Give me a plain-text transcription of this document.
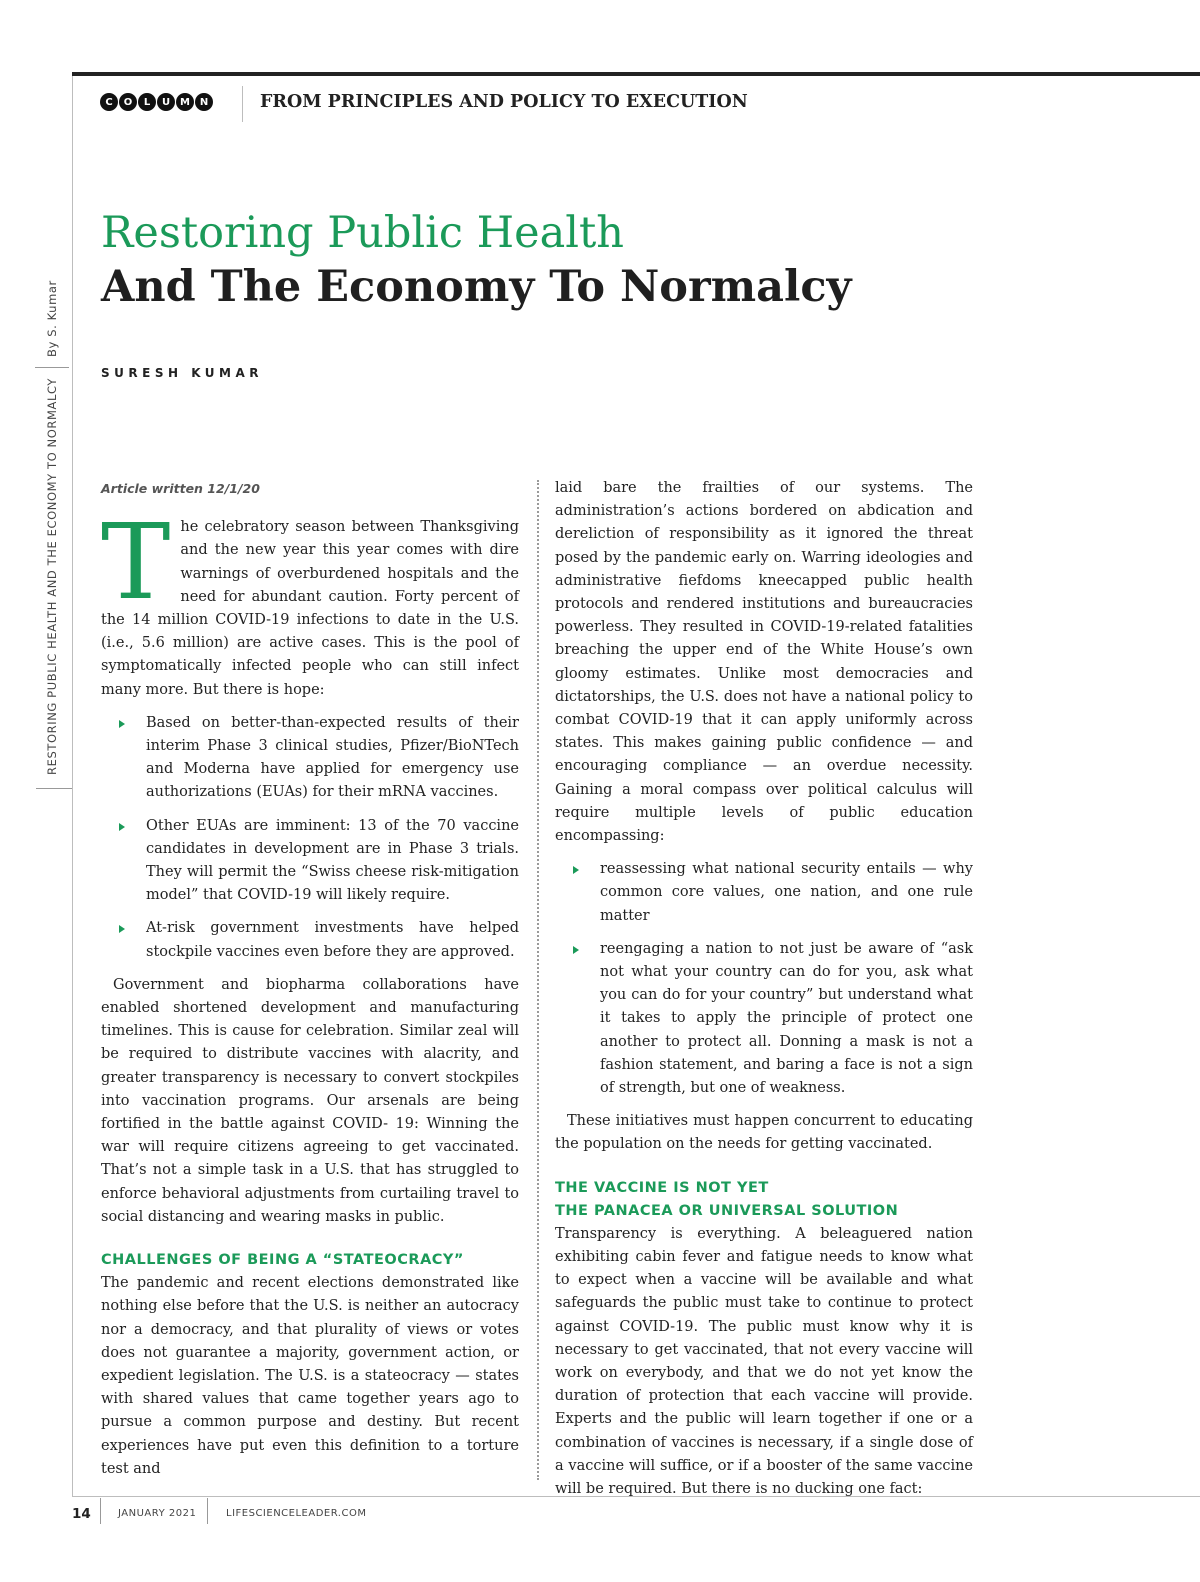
C	O	L	U M N	FROM PRINCIPLES AND POLICY TO EXECUTION
RESTORING PUBLIC HEALTH AND THE ECONOMY TO NORMALCY
By S. Kumar
Restoring Public Health
And The Economy To Normalcy
SURESH KUMAR
Article written 12/1/20

The celebratory season between Thanksgiving and the new year this year comes with dire warnings of overburdened hospitals and the need for abundant caution. Forty percent of the 14 million COVID-19 infections to date in the U.S. (i.e., 5.6 million) are active cases. This is the pool of symptomatically infected people who can still infect many more. But there is hope:

Based on better-than-expected results of their interim Phase 3 clinical studies, Pfizer/BioNTech and Moderna have applied for emergency use authorizations (EUAs) for their mRNA vaccines.
Other EUAs are imminent: 13 of the 70 vaccine candidates in development are in Phase 3 trials. They will permit the “Swiss cheese risk-mitigation model” that COVID-19 will likely require.
At-risk government investments have helped stockpile vaccines even before they are approved.

Government and biopharma collaborations have enabled shortened development and manufacturing timelines. This is cause for celebration. Similar zeal will be required to distribute vaccines with alacrity, and greater transparency is necessary to convert stockpiles into vaccination programs. Our arsenals are being fortified in the battle against COVID- 19: Winning the war will require citizens agreeing to get vaccinated. That’s not a simple task in a U.S. that has struggled to enforce behavioral adjustments from curtailing travel to social distancing and wearing masks in public.

CHALLENGES OF BEING A “STATEOCRACY”

The pandemic and recent elections demonstrated like nothing else before that the U.S. is neither an autocracy nor a democracy, and that plurality of views or votes does not guarantee a majority, government action, or expedient legislation. The U.S. is a stateocracy — states with shared values that came together years ago to pursue a common purpose and destiny. But recent experiences have put even this definition to a torture test and

laid bare the frailties of our systems. The administration’s actions bordered on abdication and dereliction of responsibility as it ignored the threat posed by the pandemic early on. Warring ideologies and administrative fiefdoms kneecapped public health protocols and rendered institutions and bureaucracies powerless. They resulted in COVID-19-related fatalities breaching the upper end of the White House’s own gloomy estimates. Unlike most democracies and dictatorships, the U.S. does not have a national policy to combat COVID-19 that it can apply uniformly across states. This makes gaining public confidence — and encouraging compliance — an overdue necessity. Gaining a moral compass over political calculus will require multiple levels of public education encompassing:

reassessing what national security entails — why common core values, one nation, and one rule matter
reengaging a nation to not just be aware of “ask not what your country can do for you, ask what you can do for your country” but understand what it takes to apply the principle of protect one another to protect all. Donning a mask is not a fashion statement, and baring a face is not a sign of strength, but one of weakness.

These initiatives must happen concurrent to educating the population on the needs for getting vaccinated.

THE VACCINE IS NOT YET
THE PANACEA OR UNIVERSAL SOLUTION

Transparency is everything. A beleaguered nation exhibiting cabin fever and fatigue needs to know what to expect when a vaccine will be available and what safeguards the public must take to continue to protect against COVID-19. The public must know why it is necessary to get vaccinated, that not every vaccine will work on everybody, and that we do not yet know the duration of protection that each vaccine will provide. Experts and the public will learn together if one or a combination of vaccines is necessary, if a single dose of a vaccine will suffice, or if a booster of the same vaccine will be required. But there is no ducking one fact:

14	JANUARY 2021	LIFESCIENCELEADER.COM
